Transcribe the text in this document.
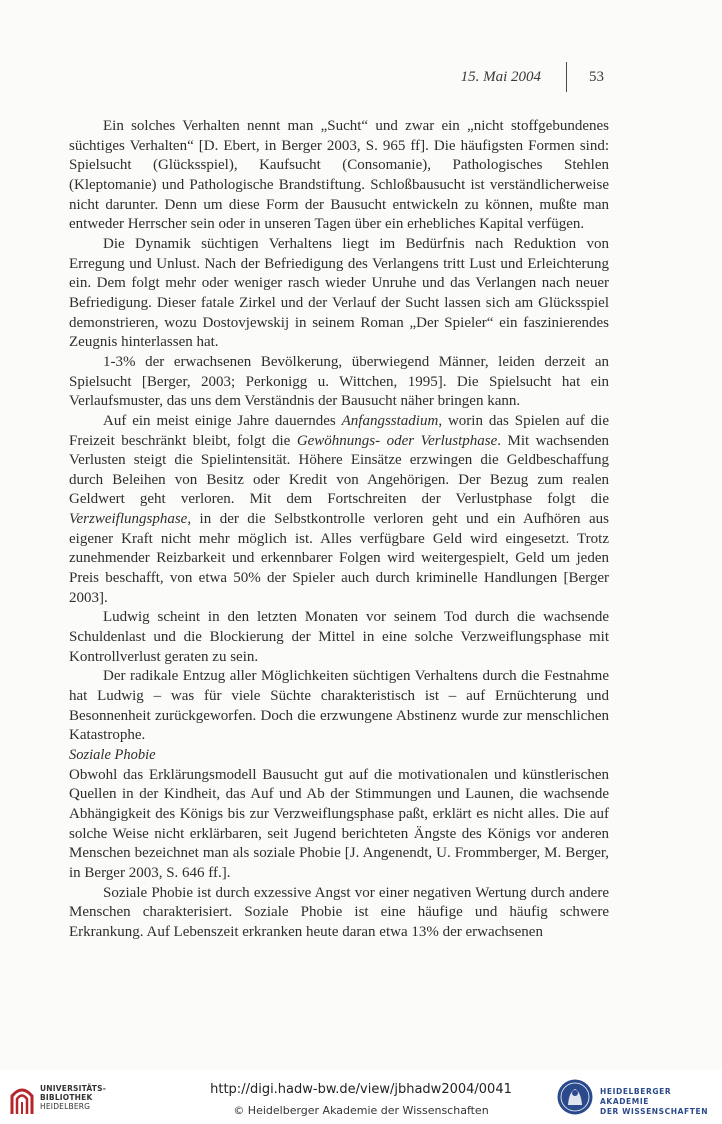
15. Mai 2004	53

Ein solches Verhalten nennt man „Sucht“ und zwar ein „nicht stoffgebundenes süchtiges Verhalten“ [D. Ebert, in Berger 2003, S. 965 ff]. Die häufigsten Formen sind: Spielsucht (Glücksspiel), Kaufsucht (Consomanie), Pathologisches Stehlen (Kleptomanie) und Pathologische Brandstiftung. Schloßbausucht ist verständlicherweise nicht darunter. Denn um diese Form der Bausucht entwickeln zu können, mußte man entweder Herrscher sein oder in unseren Tagen über ein erhebliches Kapital verfügen.

Die Dynamik süchtigen Verhaltens liegt im Bedürfnis nach Reduktion von Erregung und Unlust. Nach der Befriedigung des Verlangens tritt Lust und Erleichterung ein. Dem folgt mehr oder weniger rasch wieder Unruhe und das Verlangen nach neuer Befriedigung. Dieser fatale Zirkel und der Verlauf der Sucht lassen sich am Glücksspiel demonstrieren, wozu Dostovjewskij in seinem Roman „Der Spieler“ ein faszinierendes Zeugnis hinterlassen hat.

1-3% der erwachsenen Bevölkerung, überwiegend Männer, leiden derzeit an Spielsucht [Berger, 2003; Perkonigg u. Wittchen, 1995]. Die Spielsucht hat ein Verlaufsmuster, das uns dem Verständnis der Bausucht näher bringen kann.

Auf ein meist einige Jahre dauerndes Anfangsstadium, worin das Spielen auf die Freizeit beschränkt bleibt, folgt die Gewöhnungs- oder Verlustphase. Mit wachsenden Verlusten steigt die Spielintensität. Höhere Einsätze erzwingen die Geldbeschaffung durch Beleihen von Besitz oder Kredit von Angehörigen. Der Bezug zum realen Geldwert geht verloren. Mit dem Fortschreiten der Verlustphase folgt die Verzweiflungsphase, in der die Selbstkontrolle verloren geht und ein Aufhören aus eigener Kraft nicht mehr möglich ist. Alles verfügbare Geld wird eingesetzt. Trotz zunehmender Reizbarkeit und erkennbarer Folgen wird weitergespielt, Geld um jeden Preis beschafft, von etwa 50% der Spieler auch durch kriminelle Handlungen [Berger 2003].

Ludwig scheint in den letzten Monaten vor seinem Tod durch die wachsende Schuldenlast und die Blockierung der Mittel in eine solche Verzweiflungsphase mit Kontrollverlust geraten zu sein.

Der radikale Entzug aller Möglichkeiten süchtigen Verhaltens durch die Festnahme hat Ludwig – was für viele Süchte charakteristisch ist – auf Ernüchterung und Besonnenheit zurückgeworfen. Doch die erzwungene Abstinenz wurde zur menschlichen Katastrophe.

Soziale Phobie

Obwohl das Erklärungsmodell Bausucht gut auf die motivationalen und künstlerischen Quellen in der Kindheit, das Auf und Ab der Stimmungen und Launen, die wachsende Abhängigkeit des Königs bis zur Verzweiflungsphase paßt, erklärt es nicht alles. Die auf solche Weise nicht erklärbaren, seit Jugend berichteten Ängste des Königs vor anderen Menschen bezeichnet man als soziale Phobie [J. Angenendt, U. Frommberger, M. Berger, in Berger 2003, S. 646 ff.].

Soziale Phobie ist durch exzessive Angst vor einer negativen Wertung durch andere Menschen charakterisiert. Soziale Phobie ist eine häufige und häufig schwere Erkrankung. Auf Lebenszeit erkranken heute daran etwa 13% der erwachsenen

UNIVERSITÄTS-
BIBLIOTHEK
HEIDELBERG
http://digi.hadw-bw.de/view/jbhadw2004/0041
© Heidelberger Akademie der Wissenschaften
HEIDELBERGER AKADEMIE
DER WISSENSCHAFTEN
